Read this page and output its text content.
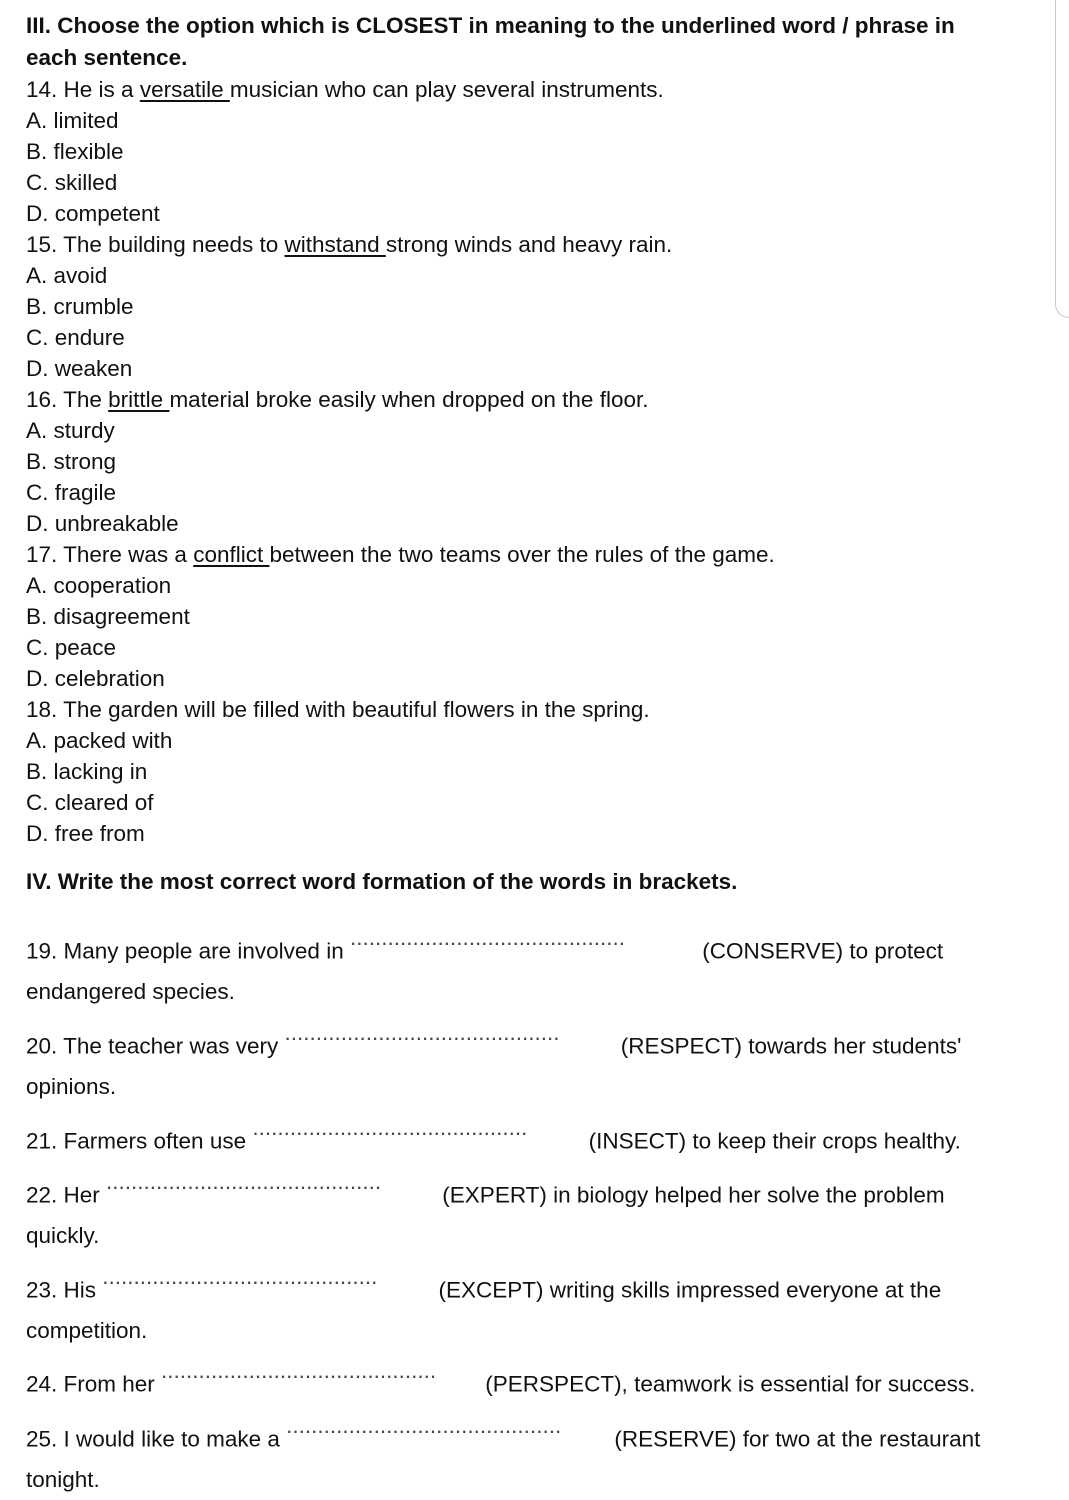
III. Choose the option which is CLOSEST in meaning to the underlined word / phrase in
each sentence.
14. He is a versatile musician who can play several instruments.
A. limited
B. flexible
C. skilled
D. competent
15. The building needs to withstand strong winds and heavy rain.
A. avoid
B. crumble
C. endure
D. weaken
16. The brittle material broke easily when dropped on the floor.
A. sturdy
B. strong
C. fragile
D. unbreakable
17. There was a conflict between the two teams over the rules of the game.
A. cooperation
B. disagreement
C. peace
D. celebration
18. The garden will be filled with beautiful flowers in the spring.
A. packed with
B. lacking in
C. cleared of
D. free from
IV. Write the most correct word formation of the words in brackets.
19. Many people are involved in ............................................ (CONSERVE) to protect
endangered species.
20. The teacher was very ............................................ (RESPECT) towards her students'
opinions.
21. Farmers often use ............................................ (INSECT) to keep their crops healthy.
22. Her ............................................ (EXPERT) in biology helped her solve the problem
quickly.
23. His ............................................ (EXCEPT) writing skills impressed everyone at the
competition.
24. From her ............................................ (PERSPECT), teamwork is essential for success.
25. I would like to make a ............................................ (RESERVE) for two at the restaurant
tonight.
